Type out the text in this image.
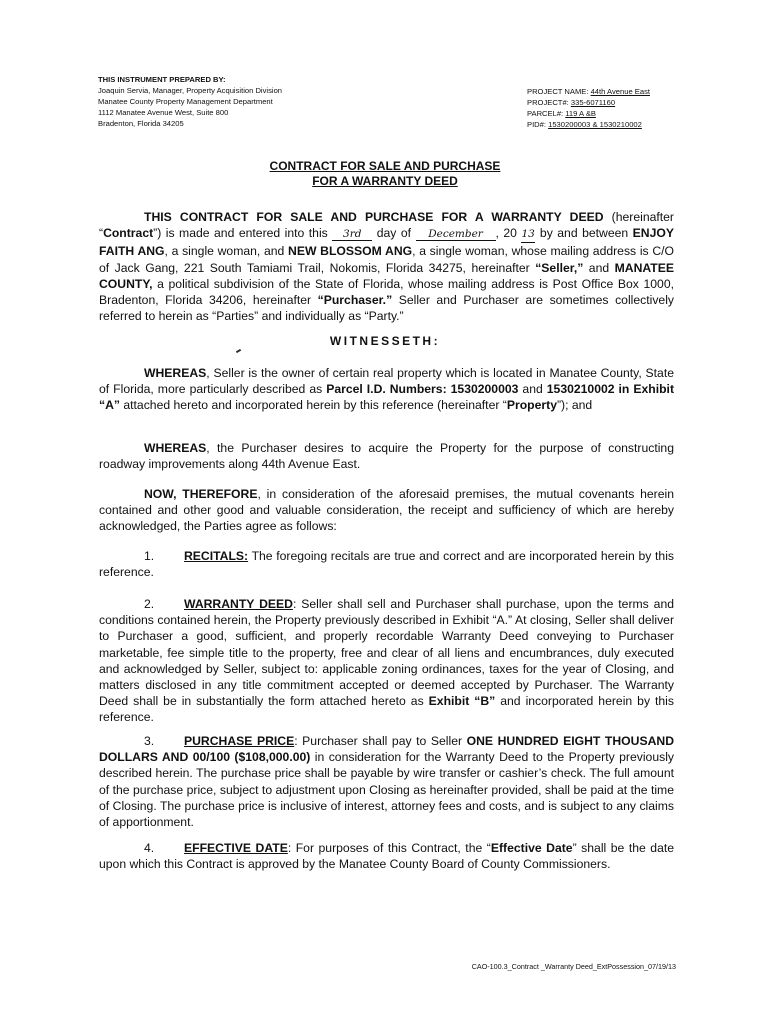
THIS INSTRUMENT PREPARED BY:
Joaquin Servia, Manager, Property Acquisition Division
Manatee County Property Management Department
1112 Manatee Avenue West, Suite 800
Bradenton, Florida 34205
PROJECT NAME: 44th Avenue East
PROJECT#: 335-6071160
PARCEL#: 119 A &B
PID#: 1530200003 & 1530210002
CONTRACT FOR SALE AND PURCHASE
FOR A WARRANTY DEED
THIS CONTRACT FOR SALE AND PURCHASE FOR A WARRANTY DEED (hereinafter “Contract”) is made and entered into this 3rd day of December , 20 13 by and between ENJOY FAITH ANG, a single woman, and NEW BLOSSOM ANG, a single woman, whose mailing address is C/O of Jack Gang, 221 South Tamiami Trail, Nokomis, Florida 34275, hereinafter “Seller,” and MANATEE COUNTY, a political subdivision of the State of Florida, whose mailing address is Post Office Box 1000, Bradenton, Florida 34206, hereinafter “Purchaser.” Seller and Purchaser are sometimes collectively referred to herein as “Parties” and individually as “Party.”
WITNESSETH:
WHEREAS, Seller is the owner of certain real property which is located in Manatee County, State of Florida, more particularly described as Parcel I.D. Numbers: 1530200003 and 1530210002 in Exhibit “A” attached hereto and incorporated herein by this reference (hereinafter “Property”); and
WHEREAS, the Purchaser desires to acquire the Property for the purpose of constructing roadway improvements along 44th Avenue East.
NOW, THEREFORE, in consideration of the aforesaid premises, the mutual covenants herein contained and other good and valuable consideration, the receipt and sufficiency of which are hereby acknowledged, the Parties agree as follows:
1. RECITALS: The foregoing recitals are true and correct and are incorporated herein by this reference.
2. WARRANTY DEED: Seller shall sell and Purchaser shall purchase, upon the terms and conditions contained herein, the Property previously described in Exhibit “A.” At closing, Seller shall deliver to Purchaser a good, sufficient, and properly recordable Warranty Deed conveying to Purchaser marketable, fee simple title to the property, free and clear of all liens and encumbrances, duly executed and acknowledged by Seller, subject to: applicable zoning ordinances, taxes for the year of Closing, and matters disclosed in any title commitment accepted or deemed accepted by Purchaser. The Warranty Deed shall be in substantially the form attached hereto as Exhibit “B” and incorporated herein by this reference.
3. PURCHASE PRICE: Purchaser shall pay to Seller ONE HUNDRED EIGHT THOUSAND DOLLARS AND 00/100 ($108,000.00) in consideration for the Warranty Deed to the Property previously described herein. The purchase price shall be payable by wire transfer or cashier’s check. The full amount of the purchase price, subject to adjustment upon Closing as hereinafter provided, shall be paid at the time of Closing. The purchase price is inclusive of interest, attorney fees and costs, and is subject to any claims of apportionment.
4. EFFECTIVE DATE: For purposes of this Contract, the “Effective Date” shall be the date upon which this Contract is approved by the Manatee County Board of County Commissioners.
CAO-100.3_Contract _Warranty Deed_ExtPossession_07/19/13
